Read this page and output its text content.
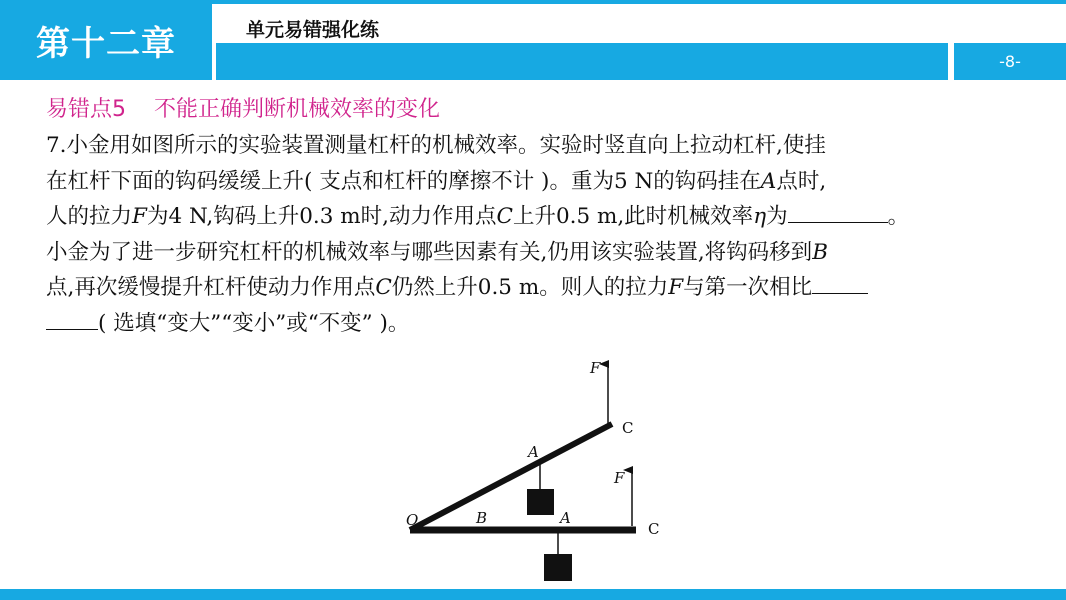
第十二章	单元易错强化练
-8-
易错点5 不能正确判断机械效率的变化

7.小金用如图所示的实验装置测量杠杆的机械效率。实验时竖直向上拉动杠杆,使挂

在杠杆下面的钩码缓缓上升( 支点和杠杆的摩擦不计 )。重为5 N的钩码挂在A点时,

人的拉力F为4 N,钩码上升0.3 m时,动力作用点C上升0.5 m,此时机械效率η为	。

小金为了进一步研究杠杆的机械效率与哪些因素有关,仍用该实验装置,将钩码移到B

点,再次缓慢提升杠杆使动力作用点C仍然上升0.5 m。则人的拉力F与第一次相比

( 选填“变大”“变小”或“不变” )。

F
C
A
F
O	B	A
C
